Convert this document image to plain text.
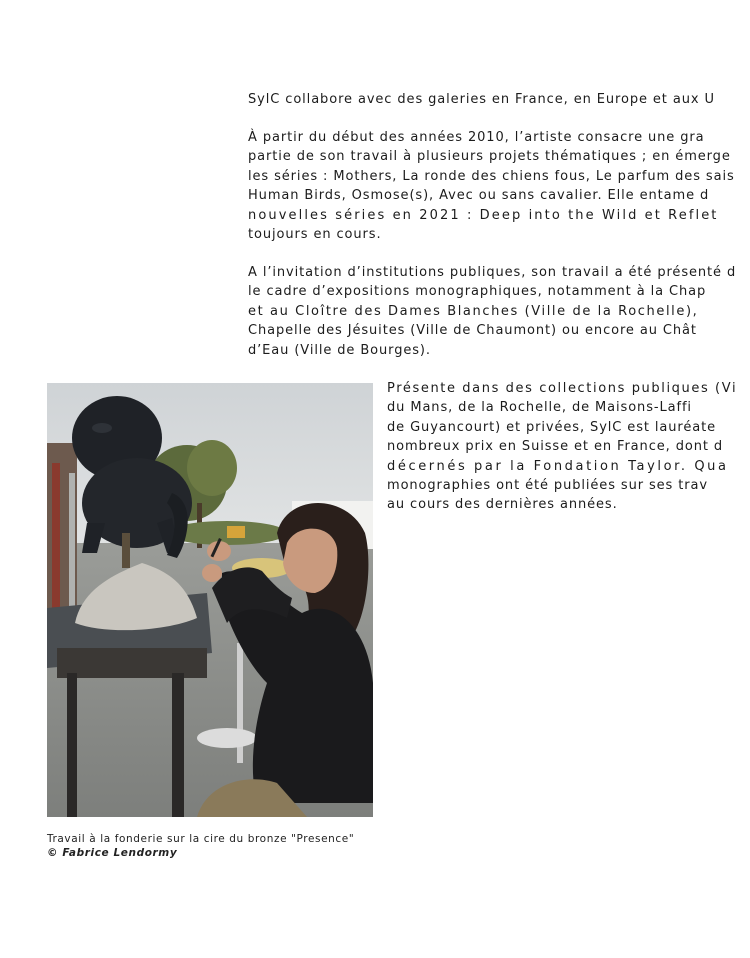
SylC collabore avec des galeries en France, en Europe et aux U
À partir du début des années 2010, l’artiste consacre une gra
partie de son travail à plusieurs projets thématiques ; en émerge
les séries : Mothers, La ronde des chiens fous, Le parfum des sais
Human Birds, Osmose(s), Avec ou sans cavalier. Elle entame d
nouvelles séries en 2021 : Deep into the Wild et Reflet
toujours en cours.
A l’invitation d’institutions publiques, son travail a été présenté d
le cadre d’expositions monographiques, notamment à la Chap
et au Cloître des Dames Blanches (Ville de la Rochelle),
Chapelle des Jésuites (Ville de Chaumont) ou encore au Chât
d’Eau (Ville de Bourges).
Présente dans des collections publiques (Vi
du Mans, de la Rochelle, de Maisons-Laffi
de Guyancourt) et privées, SylC est lauréate
nombreux prix en Suisse et en France, dont d
décernés par la Fondation Taylor. Qua
monographies ont été publiées sur ses trav
au cours des dernières années.
Travail à la fonderie sur la cire du bronze "Presence"
© Fabrice Lendormy
